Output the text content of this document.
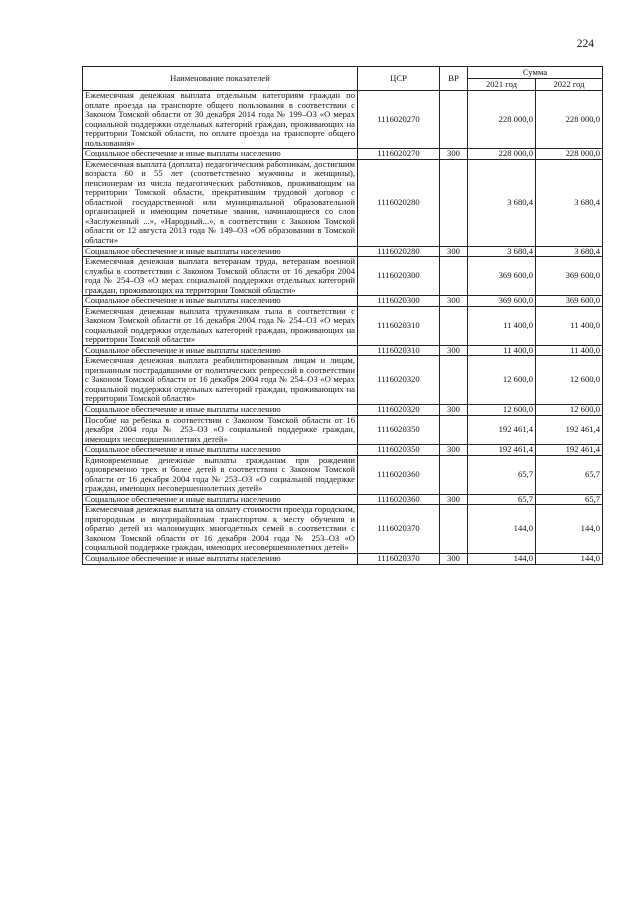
224
Наименование показателей	ЦСР	ВР	Сумма	
			2021 год	2022 год
Ежемесячная денежная выплата отдельным категориям граждан по оплате проезда на транспорте общего пользования в соответствии с Законом Томской области от 30 декабря 2014 года № 199–ОЗ «О мерах социальной поддержки отдельных категорий граждан, проживающих на территории Томской области, по оплате проезда на транспорте общего пользования»	1116020270		228 000,0	228 000,0
Социальное обеспечение и иные выплаты населению	1116020270	300	228 000,0	228 000,0
Ежемесячная выплата (доплата) педагогическим работникам, достигшим возраста 60 и 55 лет (соответственно мужчины и женщины), пенсионерам из числа педагогических работников, проживающим на территории Томской области, прекратившим трудовой договор с областной государственной или муниципальной образовательной организацией и имеющим почетные звания, начинающиеся со слов «Заслуженный ...», «Народный...», в соответствии с Законом Томской области от 12 августа 2013 года № 149–ОЗ «Об образовании в Томской области»	1116020280		3 680,4	3 680,4
Социальное обеспечение и иные выплаты населению	1116020280	300	3 680,4	3 680,4
Ежемесячная денежная выплата ветеранам труда, ветеранам военной службы в соответствии с Законом Томской области от 16 декабря 2004 года № 254–ОЗ «О мерах социальной поддержки отдельных категорий граждан, проживающих на территории Томской области»	1116020300		369 600,0	369 600,0
Социальное обеспечение и иные выплаты населению	1116020300	300	369 600,0	369 600,0
Ежемесячная денежная выплата труженикам тыла в соответствии с Законом Томской области от 16 декабря 2004 года № 254–ОЗ «О мерах социальной поддержки отдельных категорий граждан, проживающих на территории Томской области»	1116020310		11 400,0	11 400,0
Социальное обеспечение и иные выплаты населению	1116020310	300	11 400,0	11 400,0
Ежемесячная денежная выплата реабилитированным лицам и лицам, признанным пострадавшими от политических репрессий в соответствии с Законом Томской области от 16 декабря 2004 года № 254–ОЗ «О мерах социальной поддержки отдельных категорий граждан, проживающих на территории Томской области»	1116020320		12 600,0	12 600,0
Социальное обеспечение и иные выплаты населению	1116020320	300	12 600,0	12 600,0
Пособие на ребенка в соответствии с Законом Томской области от 16 декабря 2004 года № 253–ОЗ «О социальной поддержке граждан, имеющих несовершеннолетних детей»	1116020350		192 461,4	192 461,4
Социальное обеспечение и иные выплаты населению	1116020350	300	192 461,4	192 461,4
Единовременные денежные выплаты гражданам при рождении одновременно трех и более детей в соответствии с Законом Томской области от 16 декабря 2004 года № 253–ОЗ «О социальной поддержке граждан, имеющих несовершеннолетних детей»	1116020360		65,7	65,7
Социальное обеспечение и иные выплаты населению	1116020360	300	65,7	65,7
Ежемесячная денежная выплата на оплату стоимости проезда городским, пригородным и внутрирайонным транспортом к месту обучения и обратно детей из малоимущих многодетных семей в соответствии с Законом Томской области от 16 декабря 2004 года № 253–ОЗ «О социальной поддержке граждан, имеющих несовершеннолетних детей»	1116020370		144,0	144,0
Социальное обеспечение и иные выплаты населению	1116020370	300	144,0	144,0
